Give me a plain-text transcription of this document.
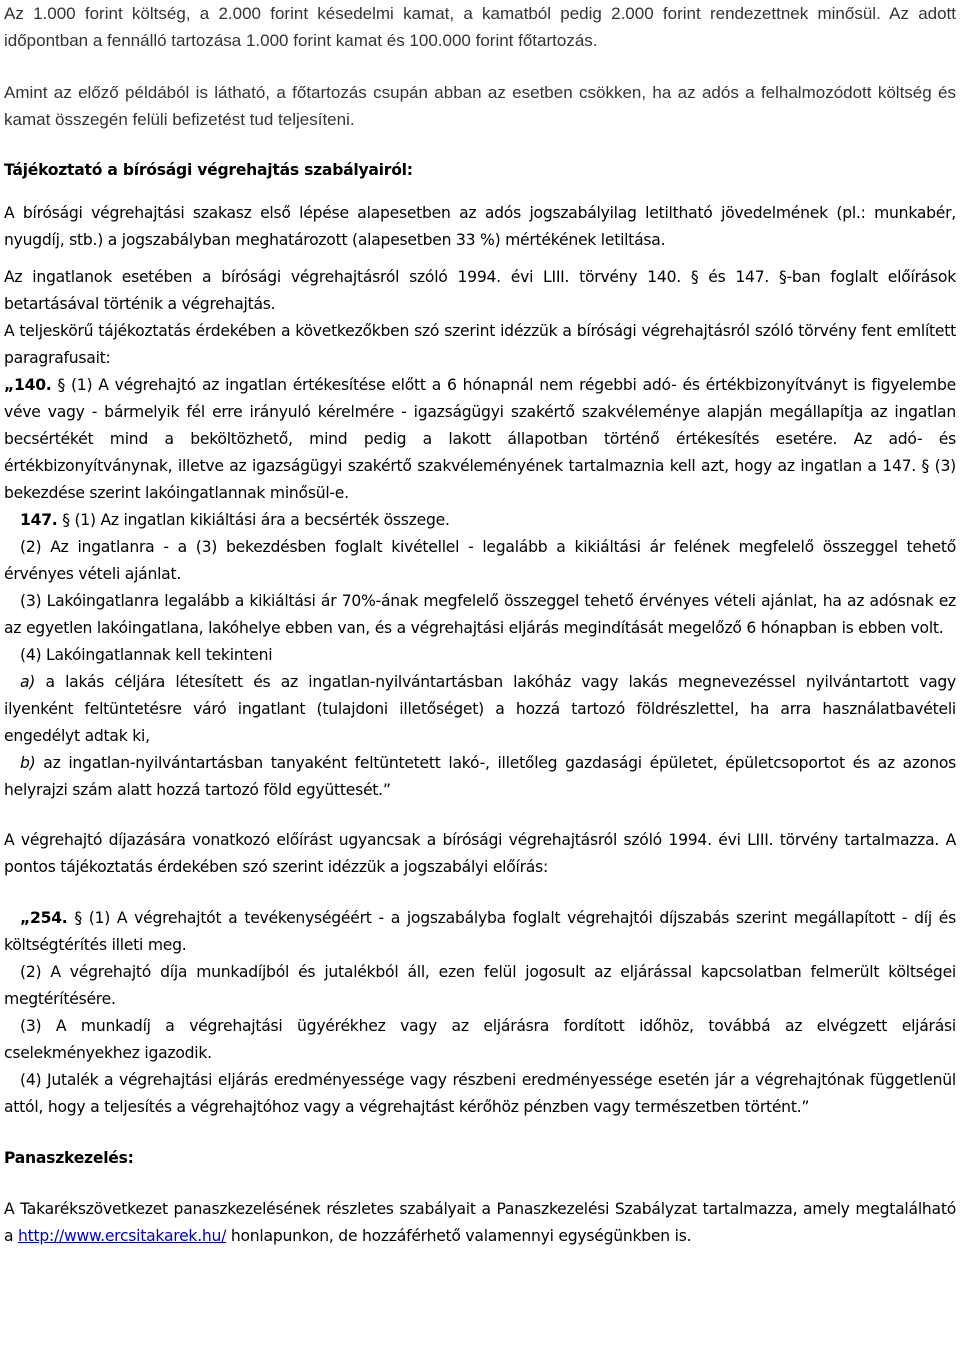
Az 1.000 forint költség, a 2.000 forint késedelmi kamat, a kamatból pedig 2.000 forint rendezettnek minősül. Az adott időpontban a fennálló tartozása 1.000 forint kamat és 100.000 forint főtartozás.

Amint az előző példából is látható, a főtartozás csupán abban az esetben csökken, ha az adós a felhalmozódott költség és kamat összegén felüli befizetést tud teljesíteni.

Tájékoztató a bírósági végrehajtás szabályairól:

A bírósági végrehajtási szakasz első lépése alapesetben az adós jogszabályilag letiltható jövedelmének (pl.: munkabér, nyugdíj, stb.) a jogszabályban meghatározott (alapesetben 33 %) mértékének letiltása.

Az ingatlanok esetében a bírósági végrehajtásról szóló 1994. évi LIII. törvény 140. § és 147. §-ban foglalt előírások betartásával történik a végrehajtás.

A teljeskörű tájékoztatás érdekében a következőkben szó szerint idézzük a bírósági végrehajtásról szóló törvény fent említett paragrafusait:

„140. § (1) A végrehajtó az ingatlan értékesítése előtt a 6 hónapnál nem régebbi adó- és értékbizonyítványt is figyelembe véve vagy - bármelyik fél erre irányuló kérelmére - igazságügyi szakértő szakvéleménye alapján megállapítja az ingatlan becsértékét mind a beköltözhető, mind pedig a lakott állapotban történő értékesítés esetére. Az adó- és értékbizonyítványnak, illetve az igazságügyi szakértő szakvéleményének tartalmaznia kell azt, hogy az ingatlan a 147. § (3) bekezdése szerint lakóingatlannak minősül-e.

147. § (1) Az ingatlan kikiáltási ára a becsérték összege.

(2) Az ingatlanra - a (3) bekezdésben foglalt kivétellel - legalább a kikiáltási ár felének megfelelő összeggel tehető érvényes vételi ajánlat.

(3) Lakóingatlanra legalább a kikiáltási ár 70%-ának megfelelő összeggel tehető érvényes vételi ajánlat, ha az adósnak ez az egyetlen lakóingatlana, lakóhelye ebben van, és a végrehajtási eljárás megindítását megelőző 6 hónapban is ebben volt.

(4) Lakóingatlannak kell tekinteni

a) a lakás céljára létesített és az ingatlan-nyilvántartásban lakóház vagy lakás megnevezéssel nyilvántartott vagy ilyenként feltüntetésre váró ingatlant (tulajdoni illetőséget) a hozzá tartozó földrészlettel, ha arra használatbavételi engedélyt adtak ki,

b) az ingatlan-nyilvántartásban tanyaként feltüntetett lakó-, illetőleg gazdasági épületet, épületcsoportot és az azonos helyrajzi szám alatt hozzá tartozó föld együttesét.”

A végrehajtó díjazására vonatkozó előírást ugyancsak a bírósági végrehajtásról szóló 1994. évi LIII. törvény tartalmazza. A pontos tájékoztatás érdekében szó szerint idézzük a jogszabályi előírás:

„254. § (1) A végrehajtót a tevékenységéért - a jogszabályba foglalt végrehajtói díjszabás szerint megállapított - díj és költségtérítés illeti meg.

(2) A végrehajtó díja munkadíjból és jutalékból áll, ezen felül jogosult az eljárással kapcsolatban felmerült költségei megtérítésére.

(3) A munkadíj a végrehajtási ügyérékhez vagy az eljárásra fordított időhöz, továbbá az elvégzett eljárási cselekményekhez igazodik.

(4) Jutalék a végrehajtási eljárás eredményessége vagy részbeni eredményessége esetén jár a végrehajtónak függetlenül attól, hogy a teljesítés a végrehajtóhoz vagy a végrehajtást kérőhöz pénzben vagy természetben történt.”

Panaszkezelés:

A Takarékszövetkezet panaszkezelésének részletes szabályait a Panaszkezelési Szabályzat tartalmazza, amely megtalálható a http://www.ercsitakarek.hu/ honlapunkon, de hozzáférhető valamennyi egységünkben is.
